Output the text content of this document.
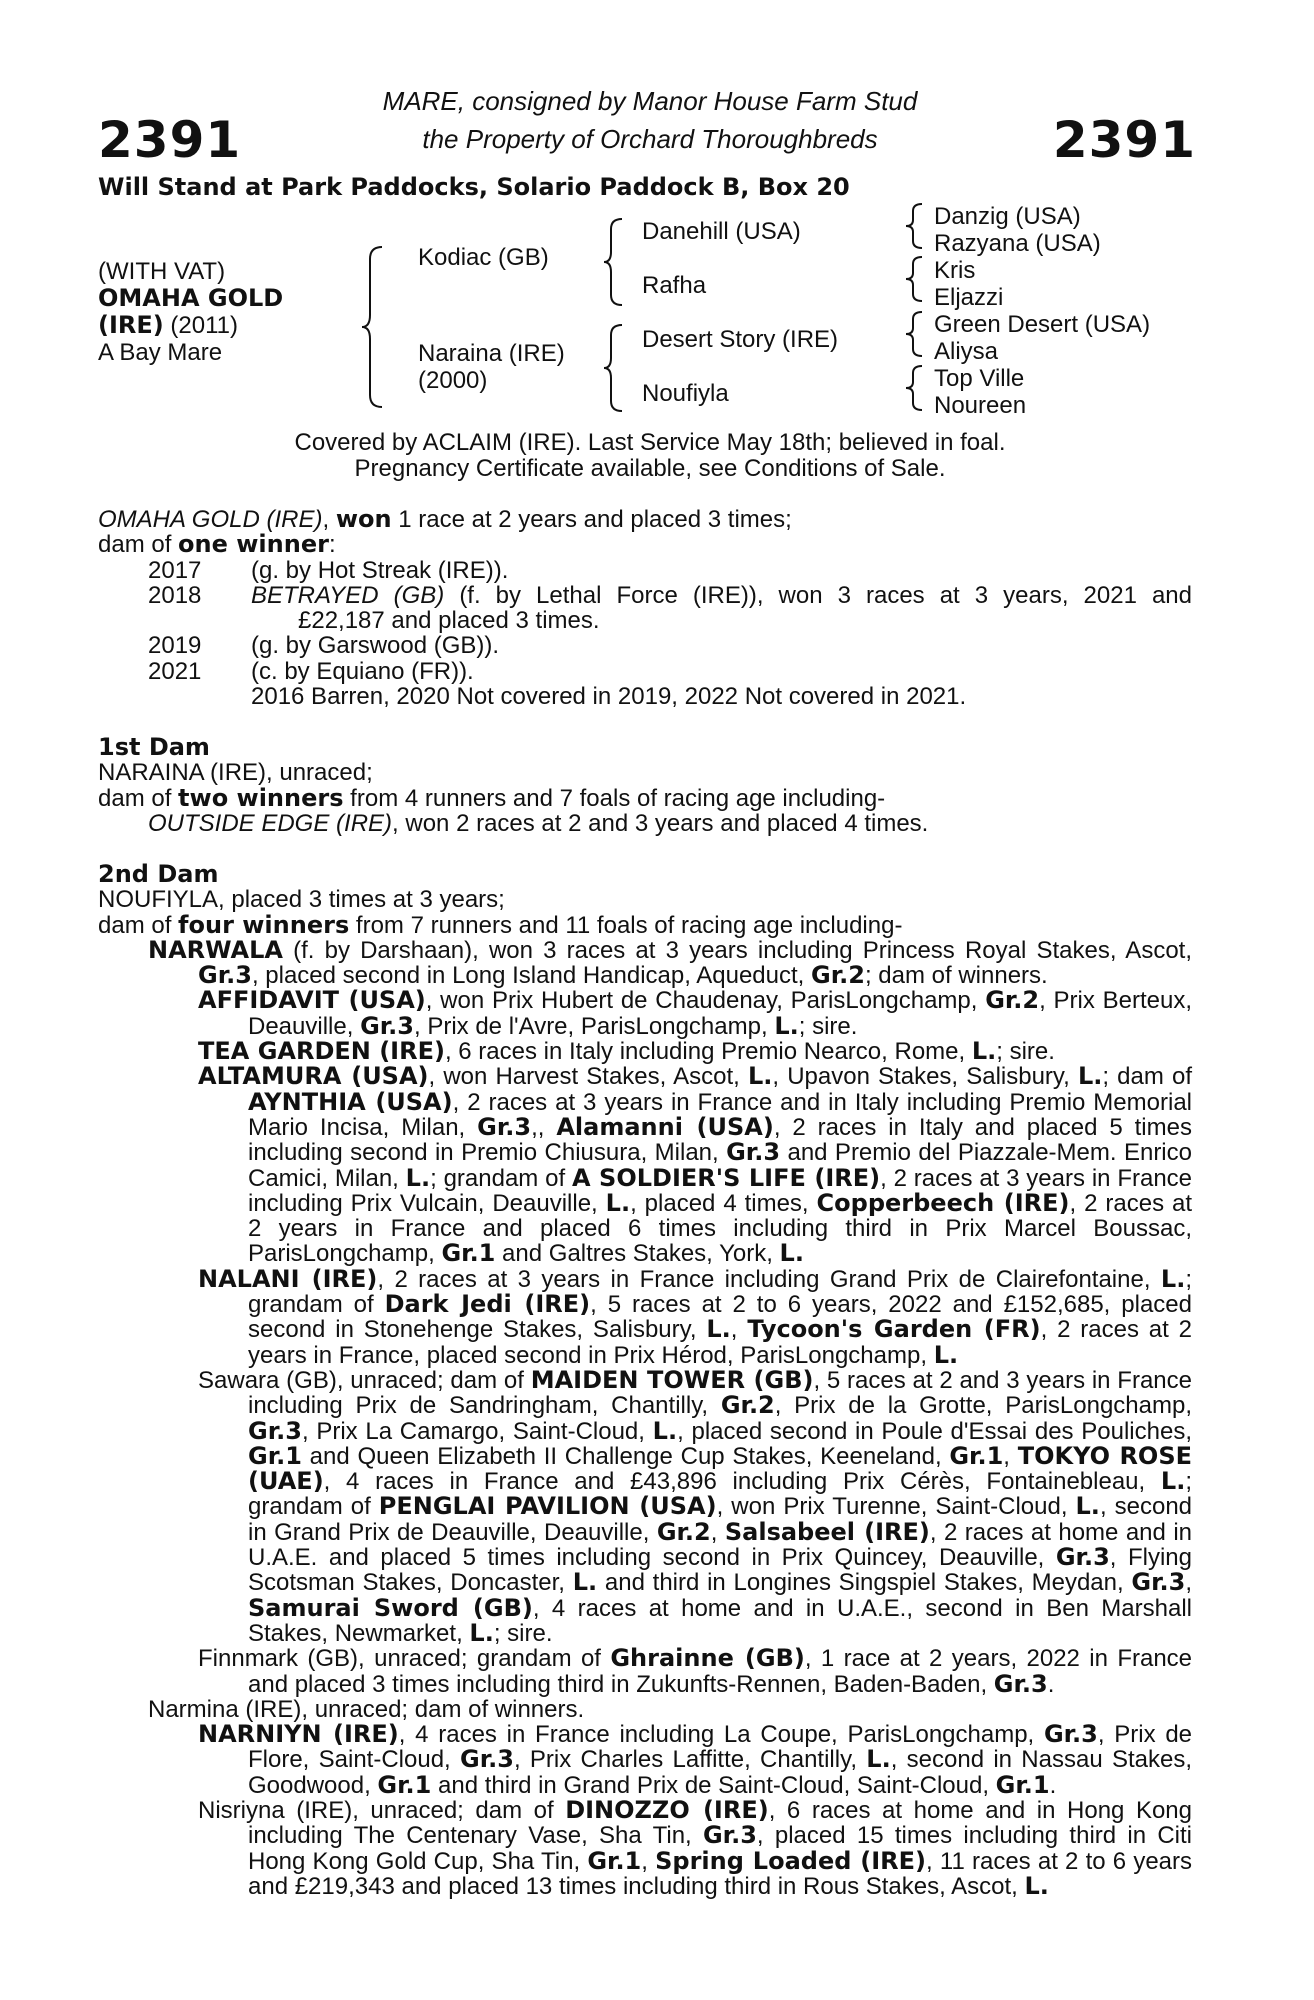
2391	2391
MARE, consigned by Manor House Farm Stud
the Property of Orchard Thoroughbreds
Will Stand at Park Paddocks, Solario Paddock B, Box 20
(WITH VAT)
OMAHA GOLD
(IRE) (2011)
A Bay Mare
Kodiac (GB)
Naraina (IRE)
(2000)
Danehill (USA)
Rafha
Desert Story (IRE)
Noufiyla
Danzig (USA)
Razyana (USA)
Kris
Eljazzi
Green Desert (USA)
Aliysa
Top Ville
Noureen
Covered by ACLAIM (IRE). Last Service May 18th; believed in foal.
Pregnancy Certificate available, see Conditions of Sale.

OMAHA GOLD (IRE), won 1 race at 2 years and placed 3 times;

dam of one winner:

2017 (g. by Hot Streak (IRE)).

2018 BETRAYED (GB) (f. by Lethal Force (IRE)), won 3 races at 3 years, 2021 and
£22,187 and placed 3 times.

2019 (g. by Garswood (GB)).

2021 (c. by Equiano (FR)).

2016 Barren, 2020 Not covered in 2019, 2022 Not covered in 2021.

1st Dam

NARAINA (IRE), unraced;

dam of two winners from 4 runners and 7 foals of racing age including-

OUTSIDE EDGE (IRE), won 2 races at 2 and 3 years and placed 4 times.

2nd Dam

NOUFIYLA, placed 3 times at 3 years;

dam of four winners from 7 runners and 11 foals of racing age including-

NARWALA (f. by Darshaan), won 3 races at 3 years including Princess Royal Stakes, Ascot, Gr.3, placed second in Long Island Handicap, Aqueduct, Gr.2; dam of winners.

AFFIDAVIT (USA), won Prix Hubert de Chaudenay, ParisLongchamp, Gr.2, Prix Berteux, Deauville, Gr.3, Prix de l'Avre, ParisLongchamp, L.; sire.

TEA GARDEN (IRE), 6 races in Italy including Premio Nearco, Rome, L.; sire.

ALTAMURA (USA), won Harvest Stakes, Ascot, L., Upavon Stakes, Salisbury, L.; dam of AYNTHIA (USA), 2 races at 3 years in France and in Italy including Premio Memorial Mario Incisa, Milan, Gr.3,, Alamanni (USA), 2 races in Italy and placed 5 times including second in Premio Chiusura, Milan, Gr.3 and Premio del Piazzale-Mem. Enrico Camici, Milan, L.; grandam of A SOLDIER'S LIFE (IRE), 2 races at 3 years in France including Prix Vulcain, Deauville, L., placed 4 times, Copperbeech (IRE), 2 races at 2 years in France and placed 6 times including third in Prix Marcel Boussac, ParisLongchamp, Gr.1 and Galtres Stakes, York, L.

NALANI (IRE), 2 races at 3 years in France including Grand Prix de Clairefontaine, L.; grandam of Dark Jedi (IRE), 5 races at 2 to 6 years, 2022 and £152,685, placed second in Stonehenge Stakes, Salisbury, L., Tycoon's Garden (FR), 2 races at 2 years in France, placed second in Prix Hérod, ParisLongchamp, L.

Sawara (GB), unraced; dam of MAIDEN TOWER (GB), 5 races at 2 and 3 years in France including Prix de Sandringham, Chantilly, Gr.2, Prix de la Grotte, ParisLongchamp, Gr.3, Prix La Camargo, Saint-Cloud, L., placed second in Poule d'Essai des Pouliches, Gr.1 and Queen Elizabeth II Challenge Cup Stakes, Keeneland, Gr.1, TOKYO ROSE (UAE), 4 races in France and £43,896 including Prix Cérès, Fontainebleau, L.; grandam of PENGLAI PAVILION (USA), won Prix Turenne, Saint-Cloud, L., second in Grand Prix de Deauville, Deauville, Gr.2, Salsabeel (IRE), 2 races at home and in U.A.E. and placed 5 times including second in Prix Quincey, Deauville, Gr.3, Flying Scotsman Stakes, Doncaster, L. and third in Longines Singspiel Stakes, Meydan, Gr.3, Samurai Sword (GB), 4 races at home and in U.A.E., second in Ben Marshall Stakes, Newmarket, L.; sire.

Finnmark (GB), unraced; grandam of Ghrainne (GB), 1 race at 2 years, 2022 in France and placed 3 times including third in Zukunfts-Rennen, Baden-Baden, Gr.3.

Narmina (IRE), unraced; dam of winners.

NARNIYN (IRE), 4 races in France including La Coupe, ParisLongchamp, Gr.3, Prix de Flore, Saint-Cloud, Gr.3, Prix Charles Laffitte, Chantilly, L., second in Nassau Stakes, Goodwood, Gr.1 and third in Grand Prix de Saint-Cloud, Saint-Cloud, Gr.1.

Nisriyna (IRE), unraced; dam of DINOZZO (IRE), 6 races at home and in Hong Kong including The Centenary Vase, Sha Tin, Gr.3, placed 15 times including third in Citi Hong Kong Gold Cup, Sha Tin, Gr.1, Spring Loaded (IRE), 11 races at 2 to 6 years and £219,343 and placed 13 times including third in Rous Stakes, Ascot, L.
